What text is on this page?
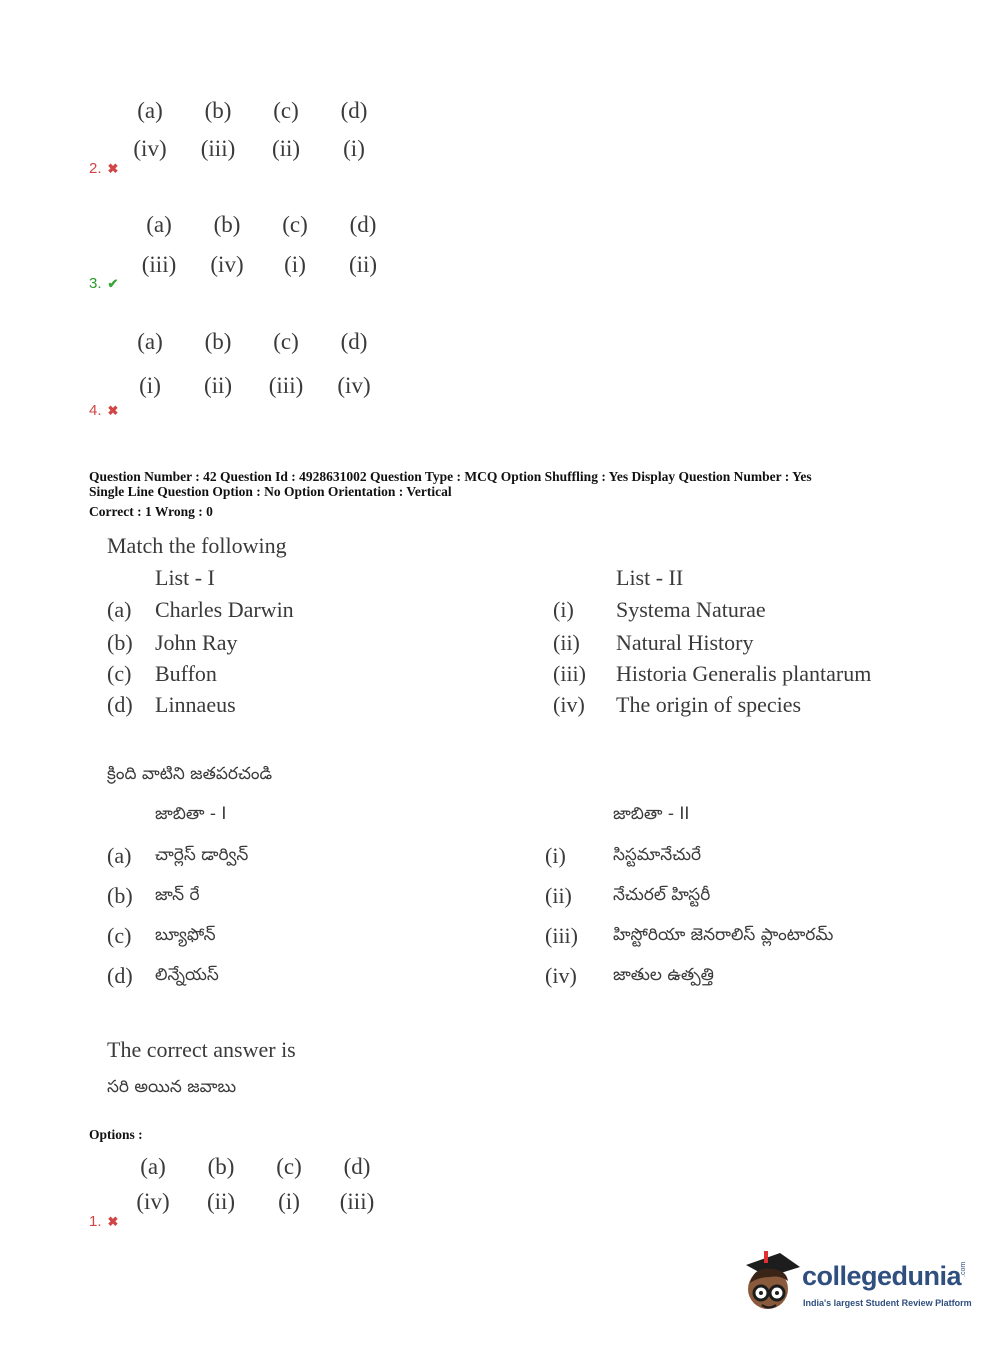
(a)	(b)	(c)	(d)
(iv)	(iii)	(ii)	(i)
2. ✖
(a)	(b)	(c)	(d)
(iii)	(iv)	(i)	(ii)
3. ✔
(a)	(b)	(c)	(d)
(i)	(ii)	(iii)	(iv)
4. ✖
Question Number : 42 Question Id : 4928631002 Question Type : MCQ Option Shuffling : Yes Display Question Number : Yes
Single Line Question Option : No Option Orientation : Vertical
Correct : 1 Wrong : 0
Match the following
List - I	List - II
(a) Charles Darwin	(i) Systema Naturae
(b) John Ray	(ii) Natural History
(c) Buffon	(iii) Historia Generalis plantarum
(d) Linnaeus	(iv) The origin of species
క్రింది వాటిని జతపరచండి
జాబితా - I	జాబితా - II
(a) చార్లెస్ డార్విన్	(i)	సిస్టమానేచురే
(b) జాన్ రే	(ii) నేచురల్ హిస్టరీ
(c) బ్యూఫోన్	(iii) హిస్టోరియా జెనరాలిస్ ప్లాంటారమ్
(d) లిన్నేయస్	(iv) జాతుల ఉత్పత్తి
The correct answer is
సరి అయిన జవాబు
Options :
(a)	(b)	(c)	(d)
(iv)	(ii)	(i)	(iii)
1. ✖
collegedunia
India's largest Student Review Platform
.com
